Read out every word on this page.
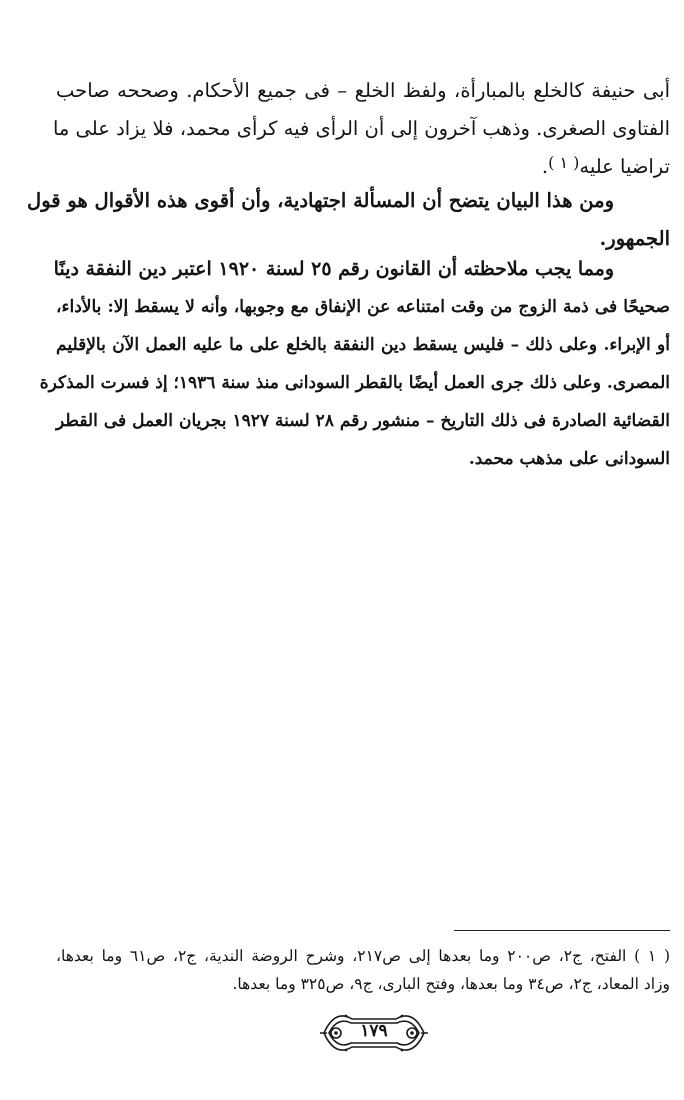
أبى حنيفة كالخلع بالمبارأة، ولفظ الخلع – فى جميع الأحكام. وصححه صاحب
الفتاوى الصغرى. وذهب آخرون إلى أن الرأى فيه كرأى محمد، فلا يزاد على ما
تراضيا عليه$^{( ١ )}$.
ومن هذا البيان يتضح أن المسألة اجتهادية، وأن أقوى هذه الأقوال هو قول
الجمهور.
ومما يجب ملاحظته أن القانون رقم ٢٥ لسنة ١٩٢٠ اعتبر دين النفقة دينًا
صحيحًا فى ذمة الزوج من وقت امتناعه عن الإنفاق مع وجوبها، وأنه لا يسقط إلا: بالأداء،
أو الإبراء. وعلى ذلك – فليس يسقط دين النفقة بالخلع على ما عليه العمل الآن بالإقليم
المصرى. وعلى ذلك جرى العمل أيضًا بالقطر السودانى منذ سنة ١٩٣٦؛ إذ فسرت المذكرة
القضائية الصادرة فى ذلك التاريخ – منشور رقم ٢٨ لسنة ١٩٢٧ بجريان العمل فى القطر
السودانى على مذهب محمد.
( ١ ) الفتح، ج٢، ص٢٠٠ وما بعدها إلى ص٢١٧، وشرح الروضة الندية، ج٢، ص٦١ وما بعدها،
وزاد المعاد، ج٢، ص٣٤ وما بعدها، وفتح البارى، ج٩، ص٣٢٥ وما بعدها.
١٧٩
